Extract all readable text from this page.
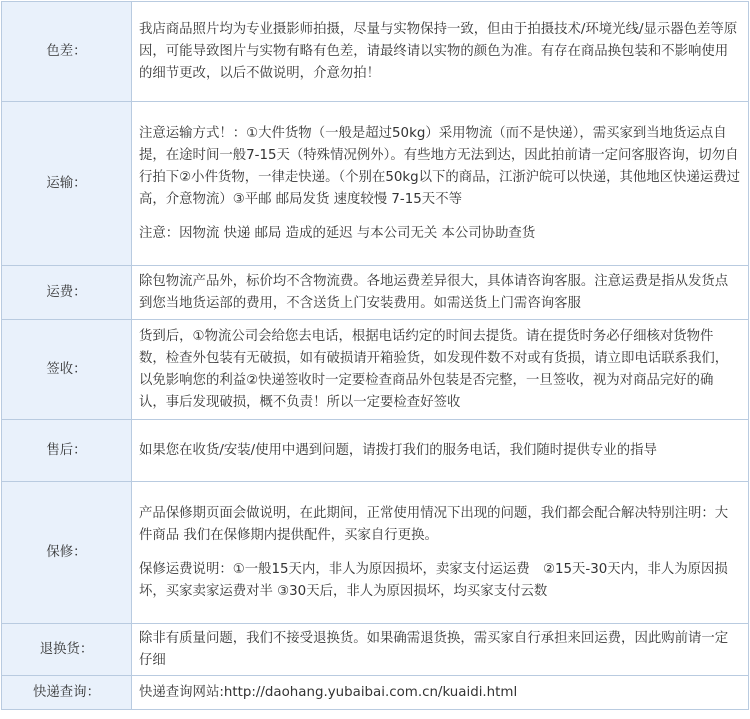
色差：	我店商品照片均为专业摄影师拍摄，尽量与实物保持一致，但由于拍摄技术/环境光线/显示器色差等原因，可能导致图片与实物有略有色差，请最终请以实物的颜色为准。有存在商品换包装和不影响使用的细节更改，以后不做说明，介意勿拍！

运输：	注意运输方式！：①大件货物（一般是超过50kg）采用物流（而不是快递），需买家到当地货运点自提，在途时间一般7-15天（特殊情况例外）。有些地方无法到达，因此拍前请一定问客服咨询，切勿自行拍下②小件货物，一律走快递。（个别在50kg以下的商品，江浙沪皖可以快递，其他地区快递运费过高，介意物流）③平邮 邮局发货 速度较慢 7-15天不等

注意：因物流 快递 邮局 造成的延迟 与本公司无关 本公司协助查货

运费：	除包物流产品外，标价均不含物流费。各地运费差异很大，具体请咨询客服。注意运费是指从发货点到您当地货运部的费用，不含送货上门安装费用。如需送货上门需咨询客服

签收：	货到后，①物流公司会给您去电话，根据电话约定的时间去提货。请在提货时务必仔细核对货物件数，检查外包装有无破损，如有破损请开箱验货，如发现件数不对或有货损，请立即电话联系我们，以免影响您的利益②快递签收时一定要检查商品外包装是否完整，一旦签收，视为对商品完好的确认，事后发现破损，概不负责！所以一定要检查好签收

售后：	如果您在收货/安装/使用中遇到问题，请拨打我们的服务电话，我们随时提供专业的指导

保修：	产品保修期页面会做说明，在此期间，正常使用情况下出现的问题，我们都会配合解决特别注明：大件商品 我们在保修期内提供配件，买家自行更换。

保修运费说明：①一般15天内，非人为原因损坏，卖家支付运运费　②15天-30天内，非人为原因损坏，买家卖家运费对半 ③30天后，非人为原因损坏，均买家支付云数

退换货：	除非有质量问题，我们不接受退换货。如果确需退货换，需买家自行承担来回运费，因此购前请一定仔细

快递查询：	快递查询网站:http://daohang.yubaibai.com.cn/kuaidi.html
